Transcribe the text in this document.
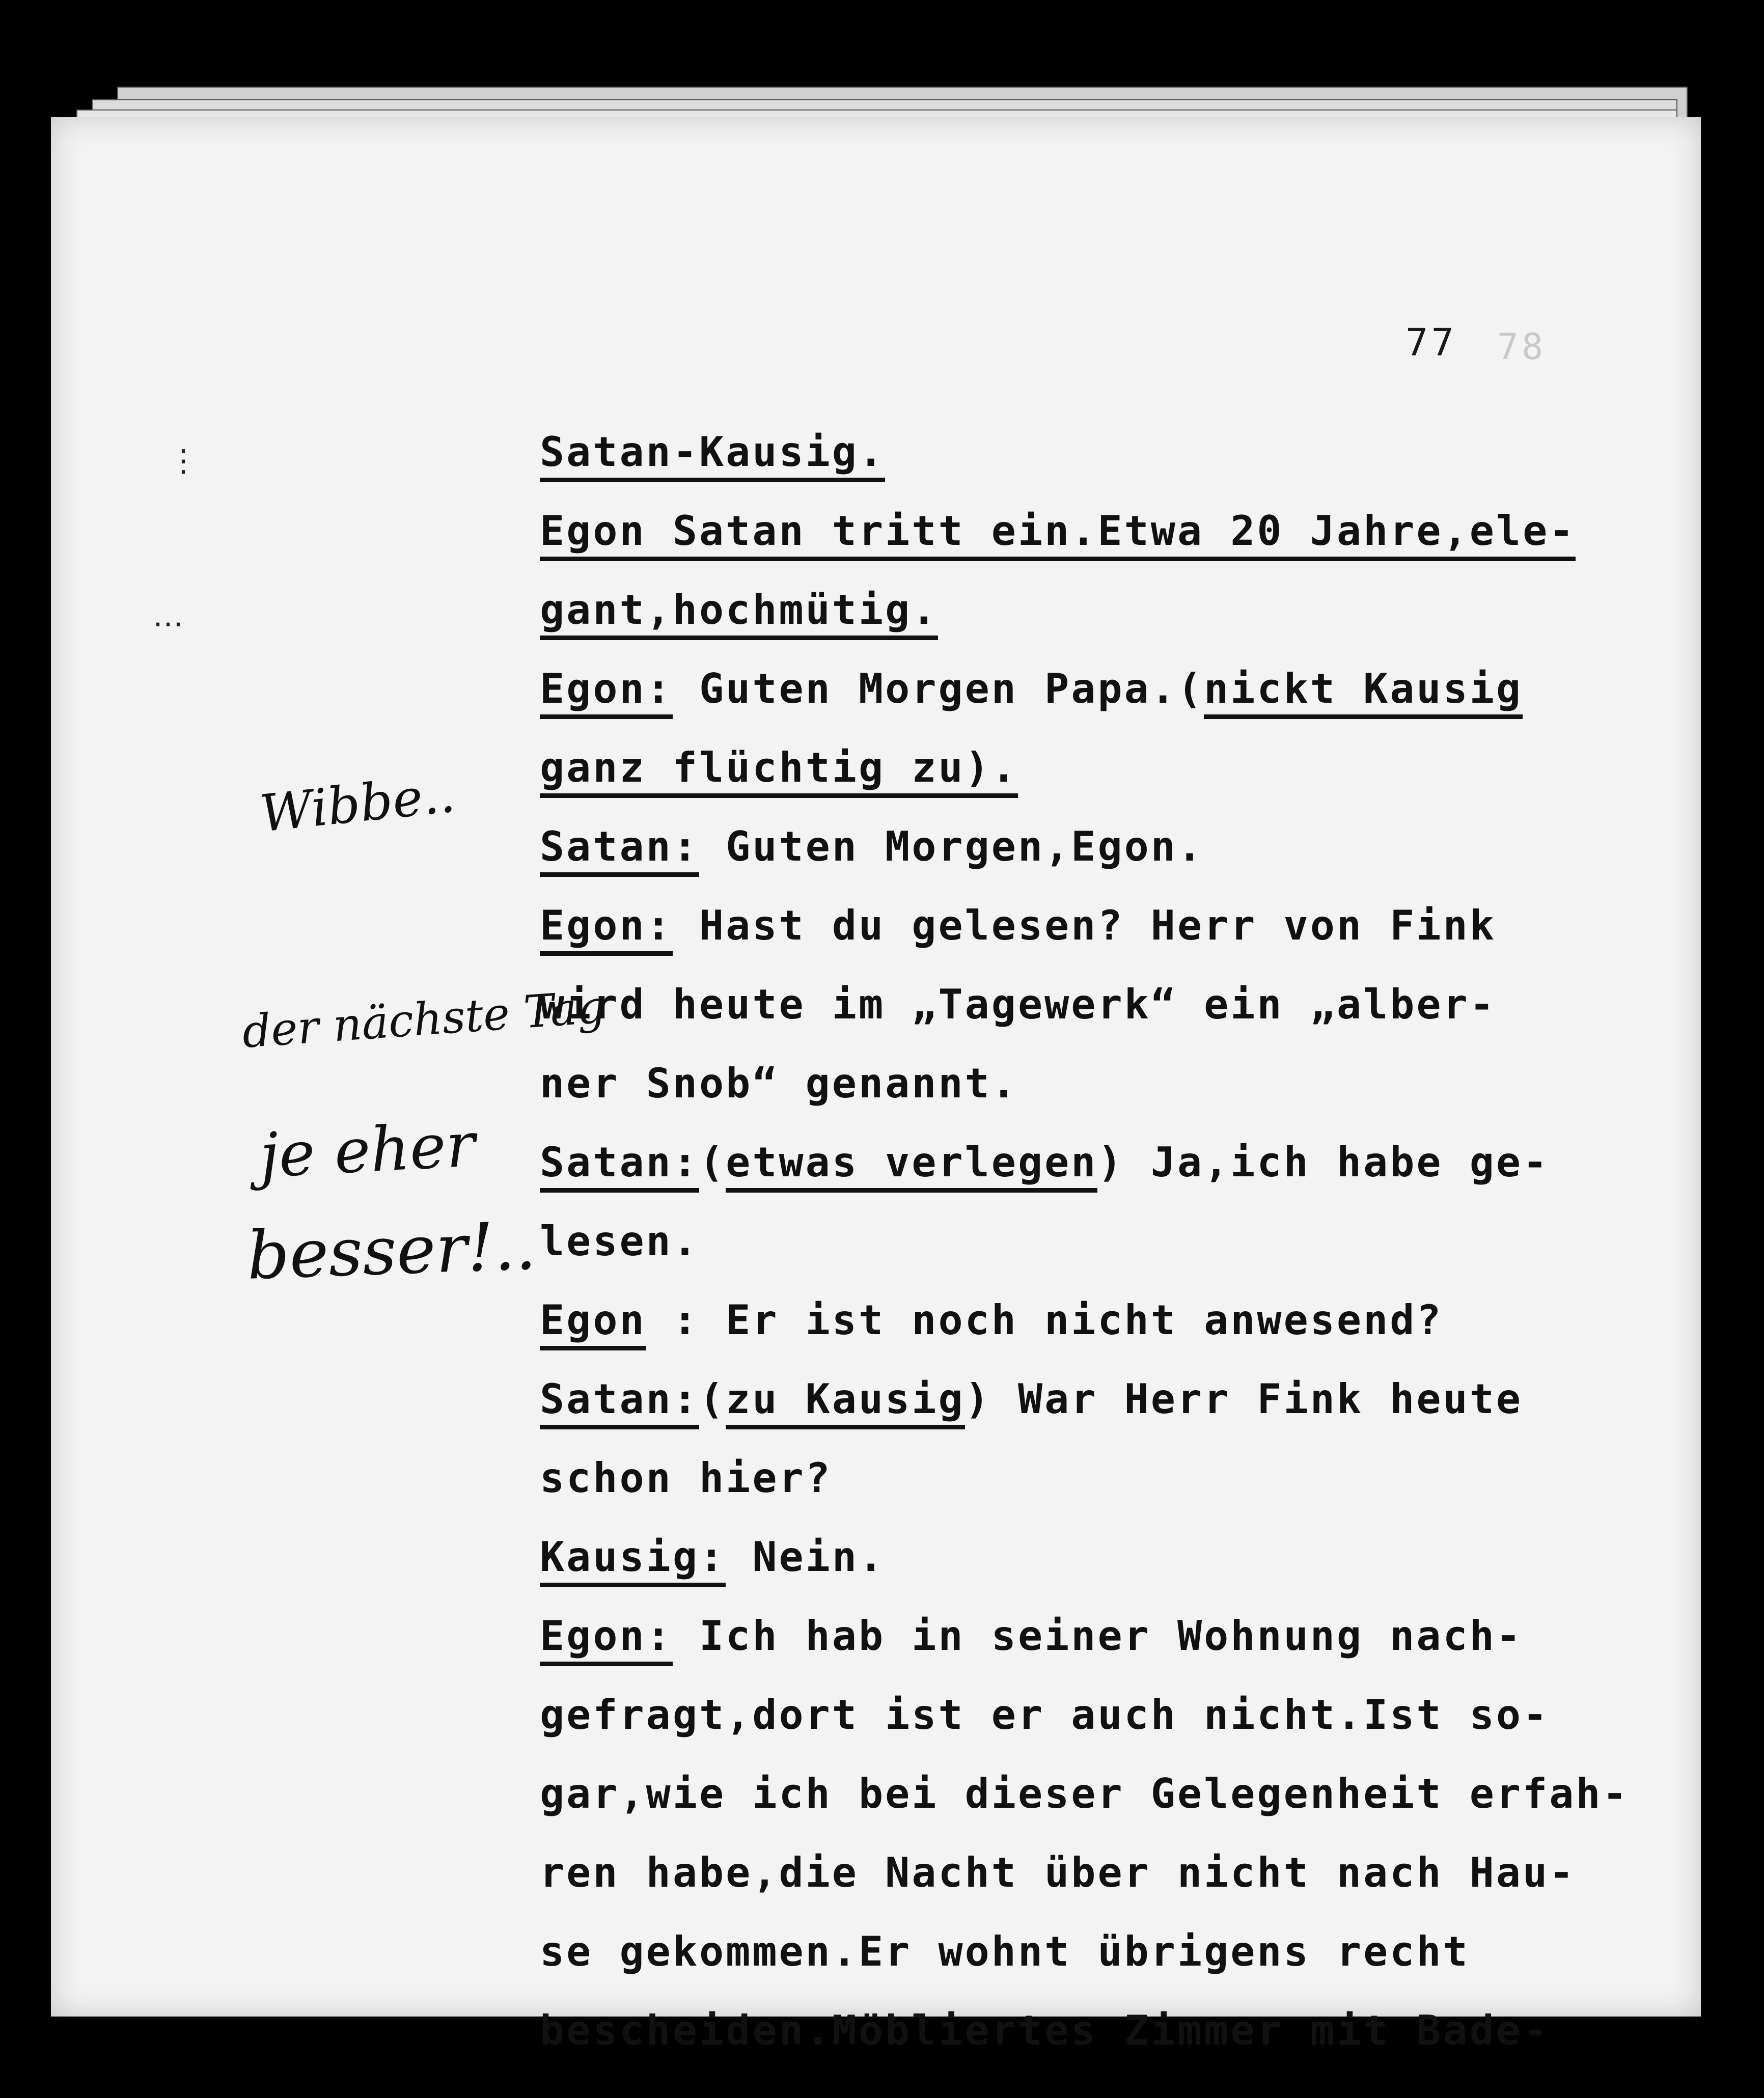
77 78
Wibbe..
der nächste Tag
je eher
besser!..
⋮
⋯
Satan-Kausig.
Egon Satan tritt ein.Etwa 20 Jahre,ele-
gant,hochmütig.
Egon: Guten Morgen Papa.(nickt Kausig
ganz flüchtig zu).
Satan: Guten Morgen,Egon.
Egon: Hast du gelesen? Herr von Fink
wird heute im „Tagewerk“ ein „alber-
ner Snob“ genannt.
Satan:(etwas verlegen) Ja,ich habe ge-
lesen.
Egon : Er ist noch nicht anwesend?
Satan:(zu Kausig) War Herr Fink heute
schon hier?
Kausig: Nein.
Egon: Ich hab in seiner Wohnung nach-
gefragt,dort ist er auch nicht.Ist so-
gar,wie ich bei dieser Gelegenheit erfah-
ren habe,die Nacht über nicht nach Hau-
se gekommen.Er wohnt übrigens recht
bescheiden.Möbliertes Zimmer mit Bade-
